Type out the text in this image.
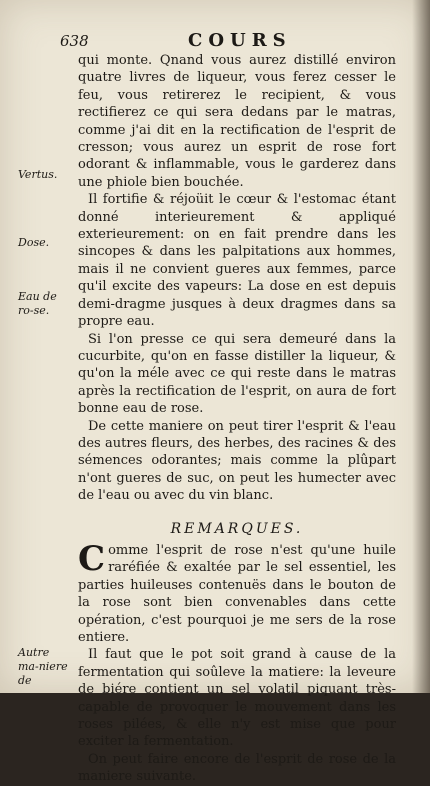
638	COURS
Vertus.
Dose.
Eau de ro-se.
Autre ma-niere de

qui monte. Qnand vous aurez distillé environ quatre livres de liqueur, vous ferez cesser le feu, vous retirerez le recipient, & vous rectifierez ce qui sera dedans par le matras, comme j'ai dit en la rectification de l'esprit de cresson; vous aurez un esprit de rose fort odorant & inflammable, vous le garderez dans une phiole bien bouchée.

Il fortifie & réjoüit le cœur & l'estomac étant donné interieurement & appliqué exterieurement: on en fait prendre dans les sincopes & dans les palpitations aux hommes, mais il ne convient gueres aux femmes, parce qu'il excite des vapeurs: La dose en est depuis demi-dragme jusques à deux dragmes dans sa propre eau.

Si l'on presse ce qui sera demeuré dans la cucurbite, qu'on en fasse distiller la liqueur, & qu'on la méle avec ce qui reste dans le matras après la rectification de l'esprit, on aura de fort bonne eau de rose.

De cette maniere on peut tirer l'esprit & l'eau des autres fleurs, des herbes, des racines & des sémences odorantes; mais comme la plûpart n'ont gueres de suc, on peut les humecter avec de l'eau ou avec du vin blanc.

REMARQUES.

Comme l'esprit de rose n'est qu'une huile raréfiée & exaltée par le sel essentiel, les parties huileuses contenuës dans le bouton de la rose sont bien convenables dans cette opération, c'est pourquoi je me sers de la rose entiere.

Il faut que le pot soit grand à cause de la fermentation qui soûleve la matiere: la leveure de biére contient un sel volatil piquant très-capable de provoquer le mouvement dans les roses pilées, & elle n'y est mise que pour exciter la fermentation.

On peut faire encore de l'esprit de rose de la maniere suivante.
